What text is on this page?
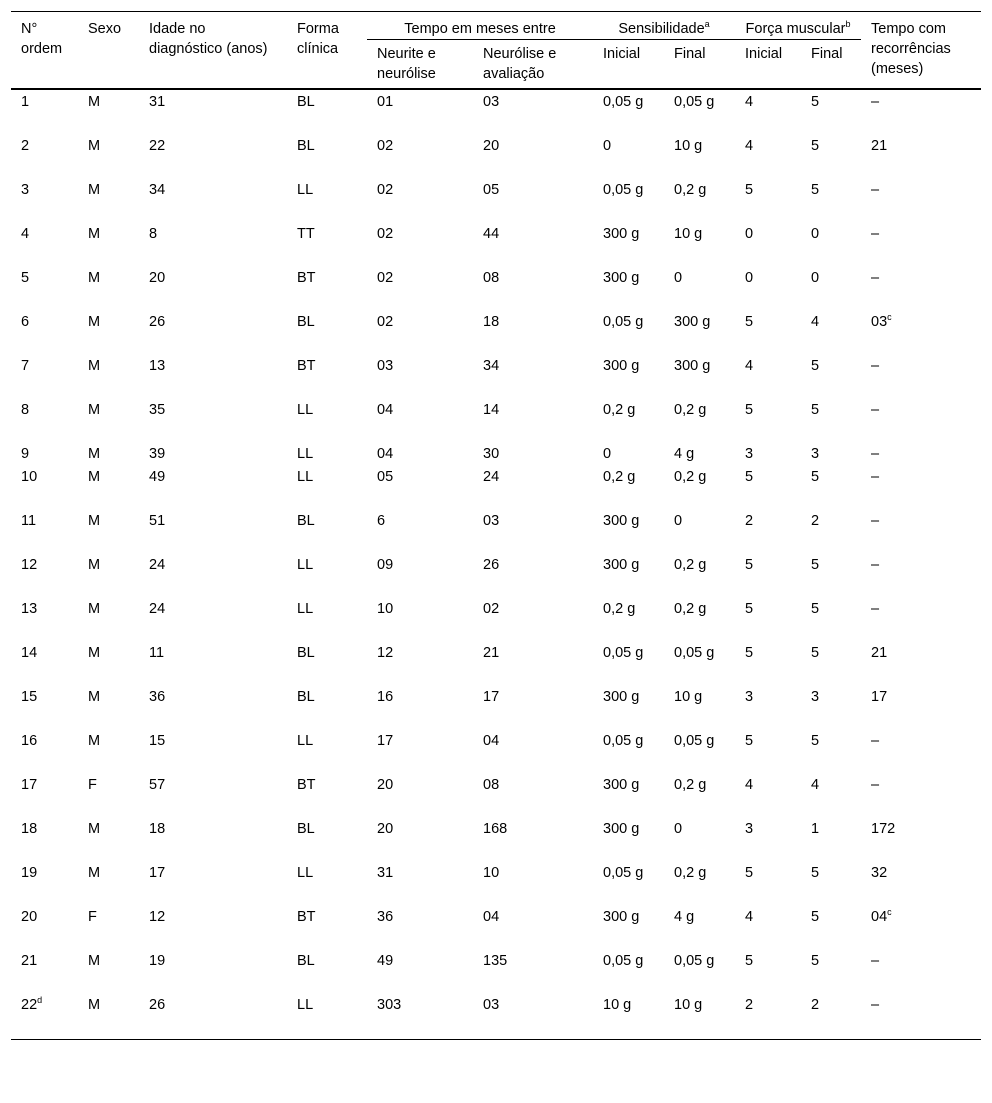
N° ordem	Sexo	Idade no diagnóstico (anos)	Forma clínica	Tempo em meses entre		Sensibilidade$^a$		Força muscular$^b$		Tempo com recorrências (meses)
				Neurite e neurólise	Neurólise e avaliação	Inicial	Final	Inicial	Final	
1	M	31	BL	01	03	0,05 g	0,05 g	4	5	–
2	M	22	BL	02	20	0	10 g	4	5	21
3	M	34	LL	02	05	0,05 g	0,2 g	5	5	–
4	M	8	TT	02	44	300 g	10 g	0	0	–
5	M	20	BT	02	08	300 g	0	0	0	–
6	M	26	BL	02	18	0,05 g	300 g	5	4	03$^c$
7	M	13	BT	03	34	300 g	300 g	4	5	–
8	M	35	LL	04	14	0,2 g	0,2 g	5	5	–
9	M	39	LL	04	30	0	4 g	3	3	–
10	M	49	LL	05	24	0,2 g	0,2 g	5	5	–
11	M	51	BL	6	03	300 g	0	2	2	–
12	M	24	LL	09	26	300 g	0,2 g	5	5	–
13	M	24	LL	10	02	0,2 g	0,2 g	5	5	–
14	M	11	BL	12	21	0,05 g	0,05 g	5	5	21
15	M	36	BL	16	17	300 g	10 g	3	3	17
16	M	15	LL	17	04	0,05 g	0,05 g	5	5	–
17	F	57	BT	20	08	300 g	0,2 g	4	4	–
18	M	18	BL	20	168	300 g	0	3	1	172
19	M	17	LL	31	10	0,05 g	0,2 g	5	5	32
20	F	12	BT	36	04	300 g	4 g	4	5	04$^c$
21	M	19	BL	49	135	0,05 g	0,05 g	5	5	–
22$^d$	M	26	LL	303	03	10 g	10 g	2	2	–
